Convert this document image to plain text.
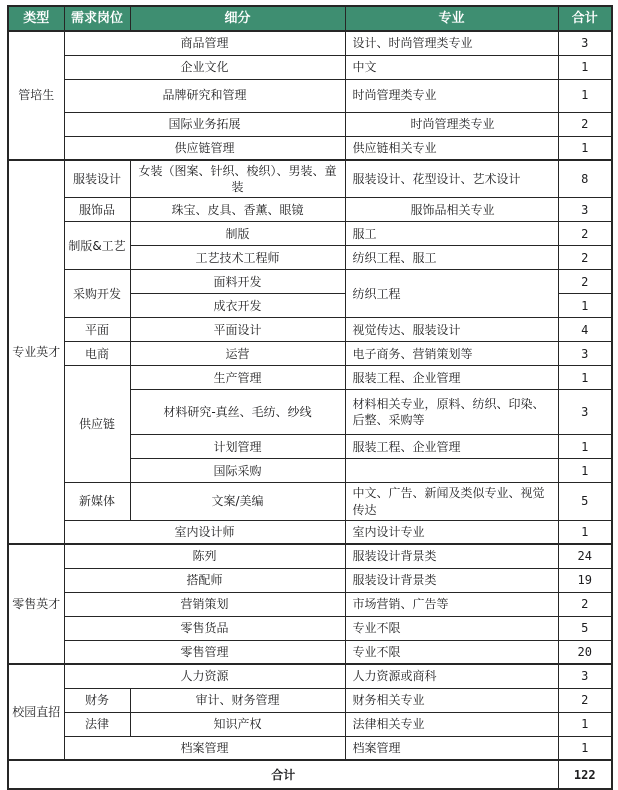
类型	需求岗位	细分	专业	合计
管培生	商品管理		设计、时尚管理类专业	3
	企业文化		中文	1
	品牌研究和管理		时尚管理类专业	1
	国际业务拓展		时尚管理类专业	2
	供应链管理		供应链相关专业	1
专业英才	服装设计	女装（图案、针织、梭织）、男装、童装	服装设计、花型设计、艺术设计	8
	服饰品	珠宝、皮具、香薰、眼镜	服饰品相关专业	3
	制版&工艺	制版	服工	2
		工艺技术工程师	纺织工程、服工	2
	采购开发	面料开发	纺织工程	2
		成衣开发		1
	平面	平面设计	视觉传达、服装设计	4
	电商	运营	电子商务、营销策划等	3
	供应链	生产管理	服装工程、企业管理	1
		材料研究-真丝、毛纺、纱线	材料相关专业，原料、纺织、印染、后整、采购等	3
		计划管理	服装工程、企业管理	1
		国际采购		1
	新媒体	文案/美编	中文、广告、新闻及类似专业、视觉传达	5
	室内设计师		室内设计专业	1
零售英才	陈列		服装设计背景类	24
	搭配师		服装设计背景类	19
	营销策划		市场营销、广告等	2
	零售货品		专业不限	5
	零售管理		专业不限	20
校园直招	人力资源		人力资源或商科	3
	财务	审计、财务管理	财务相关专业	2
	法律	知识产权	法律相关专业	1
	档案管理		档案管理	1
合计				122
